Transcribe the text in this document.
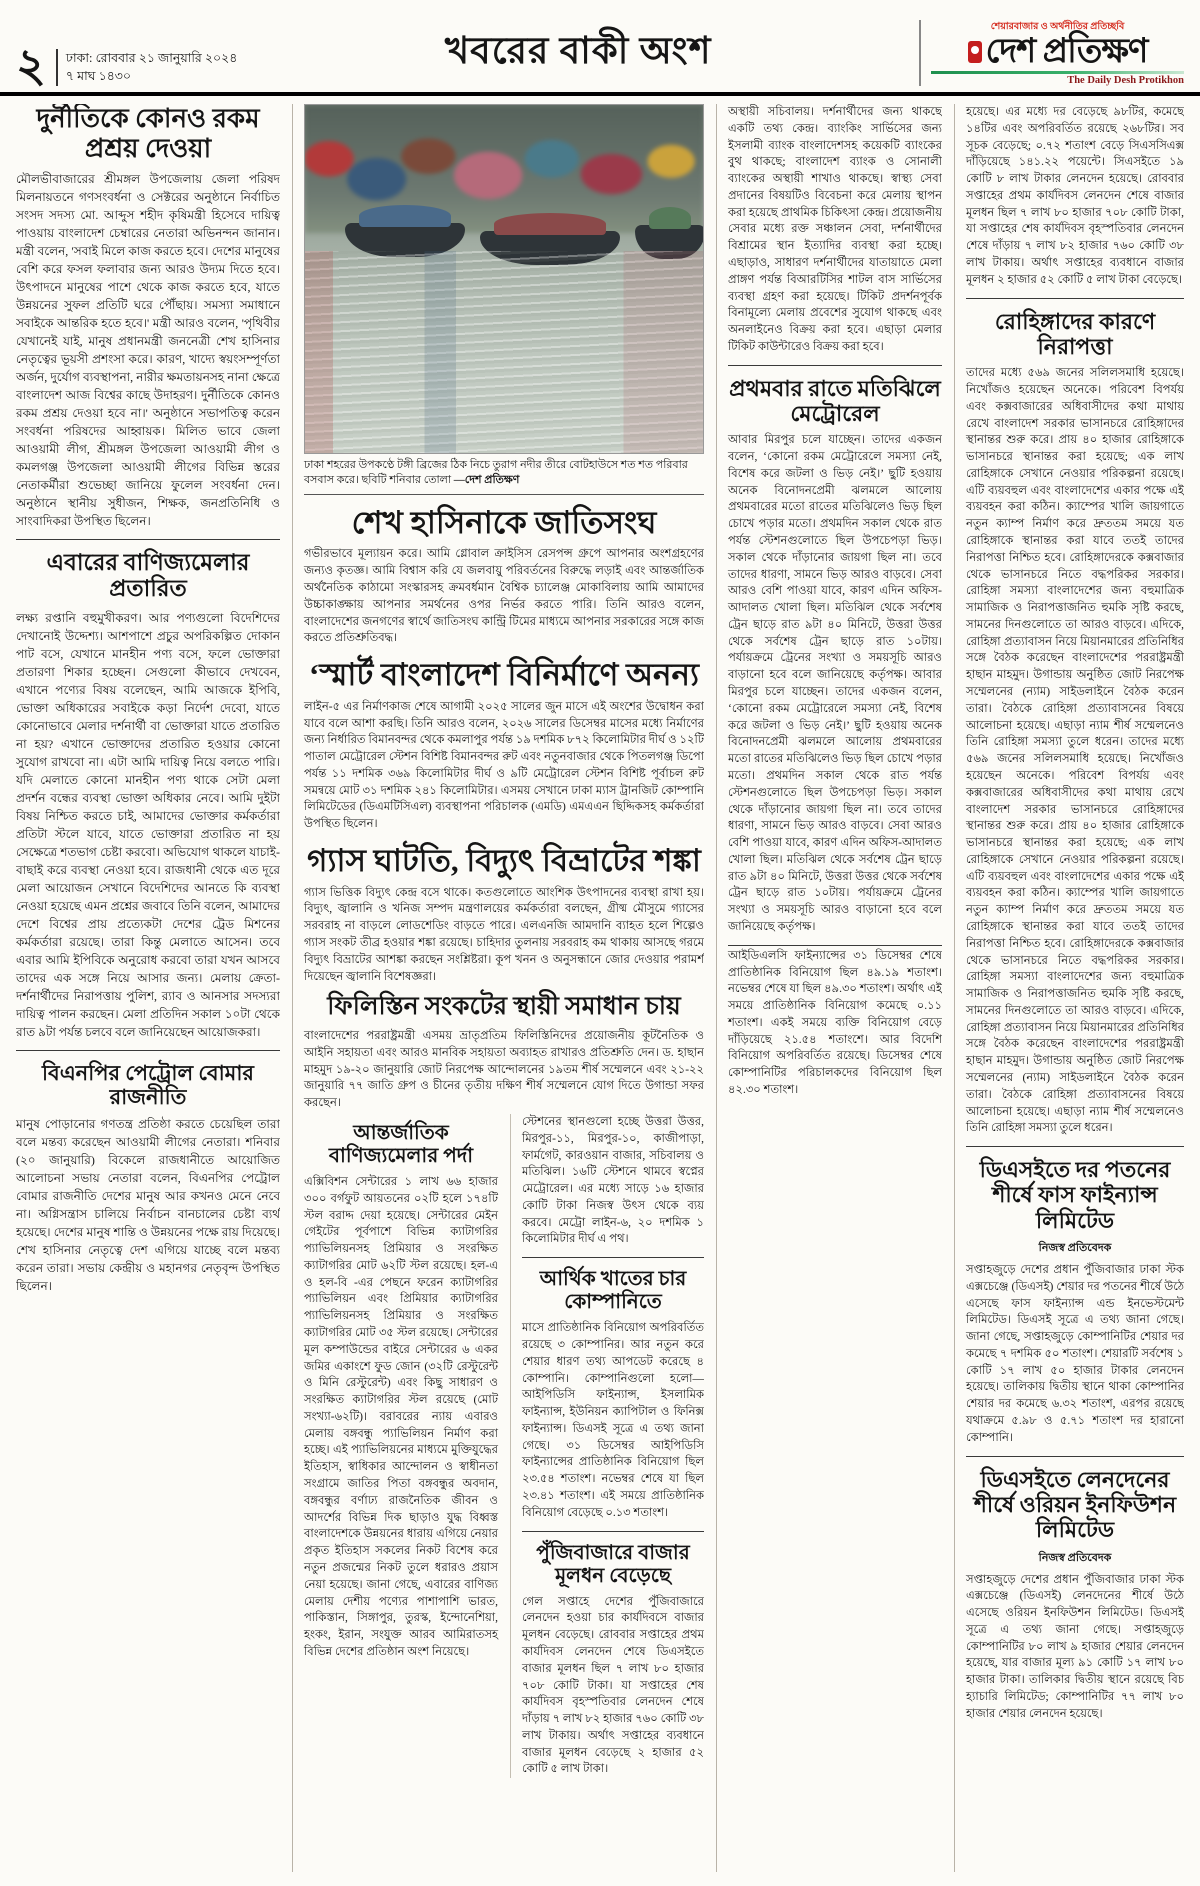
২	ঢাকা: রোববার ২১ জানুয়ারি ২০২৪
৭ মাঘ ১৪৩০
খবরের বাকী অংশ
শেয়ারবাজার ও অর্থনীতির প্রতিচ্ছবি
দেশ প্রতিক্ষণ
The Daily Desh Protikhon
দুর্নীতিকে কোনও রকম প্রশ্রয় দেওয়া

মৌলভীবাজারের শ্রীমঙ্গল উপজেলায় জেলা পরিষদ মিলনায়তনে গণসংবর্ধনা ও সেক্টরের অনুষ্ঠানে নির্বাচিত সংসদ সদস্য মো. আব্দুস শহীদ কৃষিমন্ত্রী হিসেবে দায়িত্ব পাওয়ায় বাংলাদেশ চেম্বারের নেতারা অভিনন্দন জানান। মন্ত্রী বলেন, 'সবাই মিলে কাজ করতে হবে। দেশের মানুষের বেশি করে ফসল ফলাবার জন্য আরও উদ্যম দিতে হবে। উৎপাদনে মানুষের পাশে থেকে কাজ করতে হবে, যাতে উন্নয়নের সুফল প্রতিটি ঘরে পৌঁছায়। সমস্যা সমাধানে সবাইকে আন্তরিক হতে হবে।' মন্ত্রী আরও বলেন, 'পৃথিবীর যেখানেই যাই, মানুষ প্রধানমন্ত্রী জননেত্রী শেখ হাসিনার নেতৃত্বের ভূয়সী প্রশংসা করে। কারণ, খাদ্যে স্বয়ংসম্পূর্ণতা অর্জন, দুর্যোগ ব্যবস্থাপনা, নারীর ক্ষমতায়নসহ নানা ক্ষেত্রে বাংলাদেশ আজ বিশ্বের কাছে উদাহরণ। দুর্নীতিকে কোনও রকম প্রশ্রয় দেওয়া হবে না।' অনুষ্ঠানে সভাপতিত্ব করেন সংবর্ধনা পরিষদের আহ্বায়ক। মিলিত ভাবে জেলা আওয়ামী লীগ, শ্রীমঙ্গল উপজেলা আওয়ামী লীগ ও কমলগঞ্জ উপজেলা আওয়ামী লীগের বিভিন্ন স্তরের নেতাকর্মীরা শুভেচ্ছা জানিয়ে ফুলেল সংবর্ধনা দেন। অনুষ্ঠানে স্থানীয় সুধীজন, শিক্ষক, জনপ্রতিনিধি ও সাংবাদিকরা উপস্থিত ছিলেন।

এবারের বাণিজ্যমেলার প্রতারিত

লক্ষ্য রপ্তানি বহুমুখীকরণ। আর পণ্যগুলো বিদেশিদের দেখানোই উদ্দেশ্য। আশপাশে প্রচুর অপরিকল্পিত দোকান পাট বসে, যেখানে মানহীন পণ্য বসে, ফলে ভোক্তারা প্রতারণা শিকার হচ্ছেন। সেগুলো কীভাবে দেখবেন, এখানে পণ্যের বিষয় বলেছেন, আমি আজকে ইপিবি, ভোক্তা অধিকারের সবাইকে কড়া নির্দেশ দেবো, যাতে কোনোভাবে মেলার দর্শনার্থী বা ভোক্তারা যাতে প্রতারিত না হয়? এখানে ভোক্তাদের প্রতারিত হওয়ার কোনো সুযোগ রাখবো না। এটা আমি দায়িত্ব নিয়ে বলতে পারি। যদি মেলাতে কোনো মানহীন পণ্য থাকে সেটা মেলা প্রদর্শন বন্ধের ব্যবস্থা ভোক্তা অধিকার নেবে। আমি দুইটা বিষয় নিশ্চিত করতে চাই, আমাদের ভোক্তার কর্মকর্তারা প্রতিটা স্টলে যাবে, যাতে ভোক্তারা প্রতারিত না হয় সেক্ষেত্রে শতভাগ চেষ্টা করবো। অভিযোগ থাকলে যাচাই-বাছাই করে ব্যবস্থা নেওয়া হবে। রাজধানী থেকে এত দূরে মেলা আয়োজন সেখানে বিদেশিদের আনতে কি ব্যবস্থা নেওয়া হয়েছে এমন প্রশ্নের জবাবে তিনি বলেন, আমাদের দেশে বিশ্বের প্রায় প্রত্যেকটা দেশের ট্রেড মিশনের কর্মকর্তারা রয়েছে। তারা কিন্তু মেলাতে আসেন। তবে এবার আমি ইপিবিকে অনুরোধ করবো তারা যখন আসবে তাদের এক সঙ্গে নিয়ে আসার জন্য। মেলায় ক্রেতা-দর্শনার্থীদের নিরাপত্তায় পুলিশ, র‌্যাব ও আনসার সদস্যরা দায়িত্ব পালন করছেন। মেলা প্রতিদিন সকাল ১০টা থেকে রাত ৯টা পর্যন্ত চলবে বলে জানিয়েছেন আয়োজকরা।

বিএনপির পেট্রোল বোমার রাজনীতি

মানুষ পোড়ানোর গণতন্ত্র প্রতিষ্ঠা করতে চেয়েছিল তারা বলে মন্তব্য করেছেন আওয়ামী লীগের নেতারা। শনিবার (২০ জানুয়ারি) বিকেলে রাজধানীতে আয়োজিত আলোচনা সভায় নেতারা বলেন, বিএনপির পেট্রোল বোমার রাজনীতি দেশের মানুষ আর কখনও মেনে নেবে না। অগ্নিসন্ত্রাস চালিয়ে নির্বাচন বানচালের চেষ্টা ব্যর্থ হয়েছে। দেশের মানুষ শান্তি ও উন্নয়নের পক্ষে রায় দিয়েছে। শেখ হাসিনার নেতৃত্বে দেশ এগিয়ে যাচ্ছে বলে মন্তব্য করেন তারা। সভায় কেন্দ্রীয় ও মহানগর নেতৃবৃন্দ উপস্থিত ছিলেন।

ঢাকা শহরের উপকণ্ঠে টঙ্গী ব্রিজের ঠিক নিচে তুরাগ নদীর তীরে বোটহাউসে শত শত পরিবার বসবাস করে। ছবিটি শনিবার তোলা —দেশ প্রতিক্ষণ
শেখ হাসিনাকে জাতিসংঘ

গভীরভাবে মূল্যায়ন করে। আমি গ্লোবাল ক্রাইসিস রেসপন্স গ্রুপে আপনার অংশগ্রহণের জন্যও কৃতজ্ঞ। আমি বিশ্বাস করি যে জলবায়ু পরিবর্তনের বিরুদ্ধে লড়াই এবং আন্তর্জাতিক অর্থনৈতিক কাঠামো সংস্কারসহ ক্রমবর্ধমান বৈশ্বিক চ্যালেঞ্জ মোকাবিলায় আমি আমাদের উচ্চাকাঙ্ক্ষায় আপনার সমর্থনের ওপর নির্ভর করতে পারি। তিনি আরও বলেন, বাংলাদেশের জনগণের স্বার্থে জাতিসংঘ কান্ট্রি টিমের মাধ্যমে আপনার সরকারের সঙ্গে কাজ করতে প্রতিশ্রুতিবদ্ধ।

‘স্মার্ট বাংলাদেশ বিনির্মাণে অনন্য

লাইন-৫ এর নির্মাণকাজ শেষে আগামী ২০২৫ সালের জুন মাসে এই অংশের উদ্বোধন করা যাবে বলে আশা করছি। তিনি আরও বলেন, ২০২৬ সালের ডিসেম্বর মাসের মধ্যে নির্মাণের জন্য নির্ধারিত বিমানবন্দর থেকে কমলাপুর পর্যন্ত ১৯ দশমিক ৮৭২ কিলোমিটার দীর্ঘ ও ১২টি পাতাল মেট্রোরেল স্টেশন বিশিষ্ট বিমানবন্দর রুট এবং নতুনবাজার থেকে পিতলগঞ্জ ডিপো পর্যন্ত ১১ দশমিক ৩৬৯ কিলোমিটার দীর্ঘ ও ৯টি মেট্রোরেল স্টেশন বিশিষ্ট পূর্বাচল রুট সমন্বয়ে মোট ৩১ দশমিক ২৪১ কিলোমিটার। এসময় সেখানে ঢাকা ম্যাস ট্রানজিট কোম্পানি লিমিটেডের (ডিএমটিসিএল) ব্যবস্থাপনা পরিচালক (এমডি) এমএএন ছিদ্দিকসহ কর্মকর্তারা উপস্থিত ছিলেন।

গ্যাস ঘাটতি, বিদ্যুৎ বিভ্রাটের শঙ্কা

গ্যাস ভিত্তিক বিদ্যুৎ কেন্দ্র বসে থাকে। কতগুলোতে আংশিক উৎপাদনের ব্যবস্থা রাখা হয়। বিদ্যুৎ, জ্বালানি ও খনিজ সম্পদ মন্ত্রণালয়ের কর্মকর্তারা বলছেন, গ্রীষ্ম মৌসুমে গ্যাসের সরবরাহ না বাড়লে লোডশেডিং বাড়তে পারে। এলএনজি আমদানি ব্যাহত হলে শিল্পেও গ্যাস সংকট তীব্র হওয়ার শঙ্কা রয়েছে। চাহিদার তুলনায় সরবরাহ কম থাকায় আসছে গরমে বিদ্যুৎ বিভ্রাটের আশঙ্কা করছেন সংশ্লিষ্টরা। কূপ খনন ও অনুসন্ধানে জোর দেওয়ার পরামর্শ দিয়েছেন জ্বালানি বিশেষজ্ঞরা।

ফিলিস্তিন সংকটের স্থায়ী সমাধান চায়

বাংলাদেশের পররাষ্ট্রমন্ত্রী এসময় ভ্রাতৃপ্রতিম ফিলিস্তিনিদের প্রয়োজনীয় কূটনৈতিক ও আইনি সহায়তা এবং আরও মানবিক সহায়তা অব্যাহত রাখারও প্রতিশ্রুতি দেন। ড. হাছান মাহমুদ ১৯-২০ জানুয়ারি জোট নিরপেক্ষ আন্দোলনের ১৯তম শীর্ষ সম্মেলনে এবং ২১-২২ জানুয়ারি ৭৭ জাতি গ্রুপ ও চীনের তৃতীয় দক্ষিণ শীর্ষ সম্মেলনে যোগ দিতে উগান্ডা সফর করছেন।

আন্তর্জাতিক বাণিজ্যমেলার পর্দা

এক্সিবিশন সেন্টারের ১ লাখ ৬৬ হাজার ৩০০ বর্গফুট আয়তনের ০২টি হলে ১৭৪টি স্টল বরাদ্দ দেয়া হয়েছে। সেন্টারের মেইন গেইটের পূর্বপাশে বিভিন্ন ক্যাটাগরির প্যাভিলিয়নসহ প্রিমিয়ার ও সংরক্ষিত ক্যাটাগরির মোট ৬২টি স্টল রয়েছে। হল-এ ও হল-বি -এর পেছনে ফরেন ক্যাটাগরির প্যাভিলিয়ন এবং প্রিমিয়ার ক্যাটাগরির প্যাভিলিয়নসহ প্রিমিয়ার ও সংরক্ষিত ক্যাটাগরির মোট ৩৫ স্টল রয়েছে। সেন্টারের মূল কম্পাউন্ডের বাইরে সেন্টারের ৬ একর জমির একাংশে ফুড জোন (৩২টি রেস্টুরেন্ট ও মিনি রেস্টুরেন্ট) এবং কিছু সাধারণ ও সংরক্ষিত ক্যাটাগরির স্টল রয়েছে (মোট সংখ্যা-৬২টি)। বরাবরের ন্যায় এবারও মেলায় বঙ্গবন্ধু প্যাভিলিয়ন নির্মাণ করা হচ্ছে। এই প্যাভিলিয়নের মাধ্যমে মুক্তিযুদ্ধের ইতিহাস, স্বাধিকার আন্দোলন ও স্বাধীনতা সংগ্রামে জাতির পিতা বঙ্গবন্ধুর অবদান, বঙ্গবন্ধুর বর্ণাঢ্য রাজনৈতিক জীবন ও আদর্শের বিভিন্ন দিক ছাড়াও যুদ্ধ বিধ্বস্ত বাংলাদেশকে উন্নয়নের ধারায় এগিয়ে নেয়ার প্রকৃত ইতিহাস সকলের নিকট বিশেষ করে নতুন প্রজন্মের নিকট তুলে ধরারও প্রয়াস নেয়া হয়েছে। জানা গেছে, এবারের বাণিজ্য মেলায় দেশীয় পণ্যের পাশাপাশি ভারত, পাকিস্তান, সিঙ্গাপুর, তুরস্ক, ইন্দোনেশিয়া, হংকং, ইরান, সংযুক্ত আরব আমিরাতসহ বিভিন্ন দেশের প্রতিষ্ঠান অংশ নিয়েছে।

স্টেশনের স্থানগুলো হচ্ছে উত্তরা উত্তর, মিরপুর-১১, মিরপুর-১০, কাজীপাড়া, ফার্মগেট, কারওয়ান বাজার, সচিবালয় ও মতিঝিল। ১৬টি স্টেশনে থামবে স্বপ্নের মেট্রোরেল। এর মধ্যে সাড়ে ১৬ হাজার কোটি টাকা নিজস্ব উৎস থেকে ব্যয় করবে। মেট্রো লাইন-৬, ২০ দশমিক ১ কিলোমিটার দীর্ঘ এ পথ।

আর্থিক খাতের চার কোম্পানিতে

মাসে প্রাতিষ্ঠানিক বিনিয়োগ অপরিবর্তিত রয়েছে ৩ কোম্পানির। আর নতুন করে শেয়ার ধারণ তথ্য আপডেট করেছে ৪ কোম্পানি। কোম্পানিগুলো হলো— আইপিডিসি ফাইন্যান্স, ইসলামিক ফাইন্যান্স, ইউনিয়ন ক্যাপিটাল ও ফিনিক্স ফাইন্যান্স। ডিএসই সূত্রে এ তথ্য জানা গেছে। ৩১ ডিসেম্বর আইপিডিসি ফাইন্যান্সের প্রাতিষ্ঠানিক বিনিয়োগ ছিল ২৩.৫৪ শতাংশ। নভেম্বর শেষে যা ছিল ২৩.৪১ শতাংশ। এই সময়ে প্রাতিষ্ঠানিক বিনিয়োগ বেড়েছে ০.১৩ শতাংশ।

পুঁজিবাজারে বাজার মূলধন বেড়েছে

গেল সপ্তাহে দেশের পুঁজিবাজারে লেনদেন হওয়া চার কার্যদিবসে বাজার মূলধন বেড়েছে। রোববার সপ্তাহের প্রথম কার্যদিবস লেনদেন শেষে ডিএসইতে বাজার মূলধন ছিল ৭ লাখ ৮০ হাজার ৭০৮ কোটি টাকা। যা সপ্তাহের শেষ কার্যদিবস বৃহস্পতিবার লেনদেন শেষে দাঁড়ায় ৭ লাখ ৮২ হাজার ৭৬০ কোটি ৩৮ লাখ টাকায়। অর্থাৎ সপ্তাহের ব্যবধানে বাজার মূলধন বেড়েছে ২ হাজার ৫২ কোটি ৫ লাখ টাকা।

অস্থায়ী সচিবালয়। দর্শনার্থীদের জন্য থাকছে একটি তথ্য কেন্দ্র। ব্যাংকিং সার্ভিসের জন্য ইসলামী ব্যাংক বাংলাদেশসহ কয়েকটি ব্যাংকের বুথ থাকছে; বাংলাদেশ ব্যাংক ও সোনালী ব্যাংকের অস্থায়ী শাখাও থাকছে। স্বাস্থ্য সেবা প্রদানের বিষয়টিও বিবেচনা করে মেলায় স্থাপন করা হয়েছে প্রাথমিক চিকিৎসা কেন্দ্র। প্রয়োজনীয় সেবার মধ্যে রক্ত সঞ্চালন সেবা, দর্শনার্থীদের বিশ্রামের স্থান ইত্যাদির ব্যবস্থা করা হচ্ছে। এছাড়াও, সাধারণ দর্শনার্থীদের যাতায়াতে মেলা প্রাঙ্গণ পর্যন্ত বিআরটিসির শাটল বাস সার্ভিসের ব্যবস্থা গ্রহণ করা হয়েছে। টিকিট প্রদর্শনপূর্বক বিনামূল্যে মেলায় প্রবেশের সুযোগ থাকছে এবং অনলাইনেও বিক্রয় করা হবে। এছাড়া মেলার টিকিট কাউন্টারেও বিক্রয় করা হবে।

প্রথমবার রাতে মতিঝিলে মেট্রোরেল

আবার মিরপুর চলে যাচ্ছেন। তাদের একজন বলেন, ‘কোনো রকম মেট্রোরেলে সমস্যা নেই, বিশেষ করে জটলা ও ভিড় নেই।’ ছুটি হওয়ায় অনেক বিনোদনপ্রেমী ঝলমলে আলোয় প্রথমবারের মতো রাতের মতিঝিলেও ভিড় ছিল চোখে পড়ার মতো। প্রথমদিন সকাল থেকে রাত পর্যন্ত স্টেশনগুলোতে ছিল উপচেপড়া ভিড়। সকাল থেকে দাঁড়ানোর জায়গা ছিল না। তবে তাদের ধারণা, সামনে ভিড় আরও বাড়বে। সেবা আরও বেশি পাওয়া যাবে, কারণ এদিন অফিস-আদালত খোলা ছিল। মতিঝিল থেকে সর্বশেষ ট্রেন ছাড়ে রাত ৯টা ৪০ মিনিটে, উত্তরা উত্তর থেকে সর্বশেষ ট্রেন ছাড়ে রাত ১০টায়। পর্যায়ক্রমে ট্রেনের সংখ্যা ও সময়সূচি আরও বাড়ানো হবে বলে জানিয়েছে কর্তৃপক্ষ। আবার মিরপুর চলে যাচ্ছেন। তাদের একজন বলেন, ‘কোনো রকম মেট্রোরেলে সমস্যা নেই, বিশেষ করে জটলা ও ভিড় নেই।’ ছুটি হওয়ায় অনেক বিনোদনপ্রেমী ঝলমলে আলোয় প্রথমবারের মতো রাতের মতিঝিলেও ভিড় ছিল চোখে পড়ার মতো। প্রথমদিন সকাল থেকে রাত পর্যন্ত স্টেশনগুলোতে ছিল উপচেপড়া ভিড়। সকাল থেকে দাঁড়ানোর জায়গা ছিল না। তবে তাদের ধারণা, সামনে ভিড় আরও বাড়বে। সেবা আরও বেশি পাওয়া যাবে, কারণ এদিন অফিস-আদালত খোলা ছিল। মতিঝিল থেকে সর্বশেষ ট্রেন ছাড়ে রাত ৯টা ৪০ মিনিটে, উত্তরা উত্তর থেকে সর্বশেষ ট্রেন ছাড়ে রাত ১০টায়। পর্যায়ক্রমে ট্রেনের সংখ্যা ও সময়সূচি আরও বাড়ানো হবে বলে জানিয়েছে কর্তৃপক্ষ।

আইডিএলসি ফাইন্যান্সের ৩১ ডিসেম্বর শেষে প্রাতিষ্ঠানিক বিনিয়োগ ছিল ৪৯.১৯ শতাংশ। নভেম্বর শেষে যা ছিল ৪৯.৩০ শতাংশ। অর্থাৎ এই সময়ে প্রাতিষ্ঠানিক বিনিয়োগ কমেছে ০.১১ শতাংশ। একই সময়ে ব্যক্তি বিনিয়োগ বেড়ে দাঁড়িয়েছে ২১.৫৪ শতাংশে। আর বিদেশি বিনিয়োগ অপরিবর্তিত রয়েছে। ডিসেম্বর শেষে কোম্পানিটির পরিচালকদের বিনিয়োগ ছিল ৪২.৩০ শতাংশ।

হয়েছে। এর মধ্যে দর বেড়েছে ৯৮টির, কমেছে ১৪টির এবং অপরিবর্তিত রয়েছে ২৬৮টির। সব সূচক বেড়েছে; ০.৭২ শতাংশ বেড়ে সিএসসিএক্স দাঁড়িয়েছে ১৪১.২২ পয়েন্টে। সিএসইতে ১৯ কোটি ৮ লাখ টাকার লেনদেন হয়েছে। রোববার সপ্তাহের প্রথম কার্যদিবস লেনদেন শেষে বাজার মূলধন ছিল ৭ লাখ ৮০ হাজার ৭০৮ কোটি টাকা, যা সপ্তাহের শেষ কার্যদিবস বৃহস্পতিবার লেনদেন শেষে দাঁড়ায় ৭ লাখ ৮২ হাজার ৭৬০ কোটি ৩৮ লাখ টাকায়। অর্থাৎ সপ্তাহের ব্যবধানে বাজার মূলধন ২ হাজার ৫২ কোটি ৫ লাখ টাকা বেড়েছে।

রোহিঙ্গাদের কারণে নিরাপত্তা

তাদের মধ্যে ৫৬৯ জনের সলিলসমাধি হয়েছে। নিখোঁজও হয়েছেন অনেকে। পরিবেশ বিপর্যয় এবং কক্সবাজারের অধিবাসীদের কথা মাথায় রেখে বাংলাদেশ সরকার ভাসানচরে রোহিঙ্গাদের স্থানান্তর শুরু করে। প্রায় ৪০ হাজার রোহিঙ্গাকে ভাসানচরে স্থানান্তর করা হয়েছে; এক লাখ রোহিঙ্গাকে সেখানে নেওয়ার পরিকল্পনা রয়েছে। এটি ব্যয়বহুল এবং বাংলাদেশের একার পক্ষে এই ব্যয়বহন করা কঠিন। ক্যাম্পের খালি জায়গাতে নতুন ক্যাম্প নির্মাণ করে দ্রুততম সময়ে যত রোহিঙ্গাকে স্থানান্তর করা যাবে ততই তাদের নিরাপত্তা নিশ্চিত হবে। রোহিঙ্গাদেরকে কক্সবাজার থেকে ভাসানচরে নিতে বদ্ধপরিকর সরকার। রোহিঙ্গা সমস্যা বাংলাদেশের জন্য বহুমাত্রিক সামাজিক ও নিরাপত্তাজনিত হুমকি সৃষ্টি করছে, সামনের দিনগুলোতে তা আরও বাড়বে। এদিকে, রোহিঙ্গা প্রত্যাবাসন নিয়ে মিয়ানমারের প্রতিনিধির সঙ্গে বৈঠক করেছেন বাংলাদেশের পররাষ্ট্রমন্ত্রী হাছান মাহমুদ। উগান্ডায় অনুষ্ঠিত জোট নিরপেক্ষ সম্মেলনের (ন্যাম) সাইডলাইনে বৈঠক করেন তারা। বৈঠকে রোহিঙ্গা প্রত্যাবাসনের বিষয়ে আলোচনা হয়েছে। এছাড়া ন্যাম শীর্ষ সম্মেলনেও তিনি রোহিঙ্গা সমস্যা তুলে ধরেন। তাদের মধ্যে ৫৬৯ জনের সলিলসমাধি হয়েছে। নিখোঁজও হয়েছেন অনেকে। পরিবেশ বিপর্যয় এবং কক্সবাজারের অধিবাসীদের কথা মাথায় রেখে বাংলাদেশ সরকার ভাসানচরে রোহিঙ্গাদের স্থানান্তর শুরু করে। প্রায় ৪০ হাজার রোহিঙ্গাকে ভাসানচরে স্থানান্তর করা হয়েছে; এক লাখ রোহিঙ্গাকে সেখানে নেওয়ার পরিকল্পনা রয়েছে। এটি ব্যয়বহুল এবং বাংলাদেশের একার পক্ষে এই ব্যয়বহন করা কঠিন। ক্যাম্পের খালি জায়গাতে নতুন ক্যাম্প নির্মাণ করে দ্রুততম সময়ে যত রোহিঙ্গাকে স্থানান্তর করা যাবে ততই তাদের নিরাপত্তা নিশ্চিত হবে। রোহিঙ্গাদেরকে কক্সবাজার থেকে ভাসানচরে নিতে বদ্ধপরিকর সরকার। রোহিঙ্গা সমস্যা বাংলাদেশের জন্য বহুমাত্রিক সামাজিক ও নিরাপত্তাজনিত হুমকি সৃষ্টি করছে, সামনের দিনগুলোতে তা আরও বাড়বে। এদিকে, রোহিঙ্গা প্রত্যাবাসন নিয়ে মিয়ানমারের প্রতিনিধির সঙ্গে বৈঠক করেছেন বাংলাদেশের পররাষ্ট্রমন্ত্রী হাছান মাহমুদ। উগান্ডায় অনুষ্ঠিত জোট নিরপেক্ষ সম্মেলনের (ন্যাম) সাইডলাইনে বৈঠক করেন তারা। বৈঠকে রোহিঙ্গা প্রত্যাবাসনের বিষয়ে আলোচনা হয়েছে। এছাড়া ন্যাম শীর্ষ সম্মেলনেও তিনি রোহিঙ্গা সমস্যা তুলে ধরেন।

ডিএসইতে দর পতনের শীর্ষে ফাস ফাইন্যান্স লিমিটেড
নিজস্ব প্রতিবেদক

সপ্তাহজুড়ে দেশের প্রধান পুঁজিবাজার ঢাকা স্টক এক্সচেঞ্জে (ডিএসই) শেয়ার দর পতনের শীর্ষে উঠে এসেছে ফাস ফাইন্যান্স এন্ড ইনভেস্টমেন্ট লিমিটেড। ডিএসই সূত্রে এ তথ্য জানা গেছে। জানা গেছে, সপ্তাহজুড়ে কোম্পানিটির শেয়ার দর কমেছে ৭ দশমিক ৫০ শতাংশ। শেয়ারটি সর্বশেষ ১ কোটি ১৭ লাখ ৫০ হাজার টাকার লেনদেন হয়েছে। তালিকায় দ্বিতীয় স্থানে থাকা কোম্পানির শেয়ার দর কমেছে ৬.৩২ শতাংশ, এরপর রয়েছে যথাক্রমে ৫.৯৮ ও ৫.৭১ শতাংশ দর হারানো কোম্পানি।

ডিএসইতে লেনদেনের শীর্ষে ওরিয়ন ইনফিউশন লিমিটেড
নিজস্ব প্রতিবেদক

সপ্তাহজুড়ে দেশের প্রধান পুঁজিবাজার ঢাকা স্টক এক্সচেঞ্জে (ডিএসই) লেনদেনের শীর্ষে উঠে এসেছে ওরিয়ন ইনফিউশন লিমিটেড। ডিএসই সূত্রে এ তথ্য জানা গেছে। সপ্তাহজুড়ে কোম্পানিটির ৮০ লাখ ৯ হাজার শেয়ার লেনদেন হয়েছে, যার বাজার মূল্য ৯১ কোটি ১৭ লাখ ৮০ হাজার টাকা। তালিকার দ্বিতীয় স্থানে রয়েছে বিচ হ্যাচারি লিমিটেড; কোম্পানিটির ৭৭ লাখ ৮০ হাজার শেয়ার লেনদেন হয়েছে।
